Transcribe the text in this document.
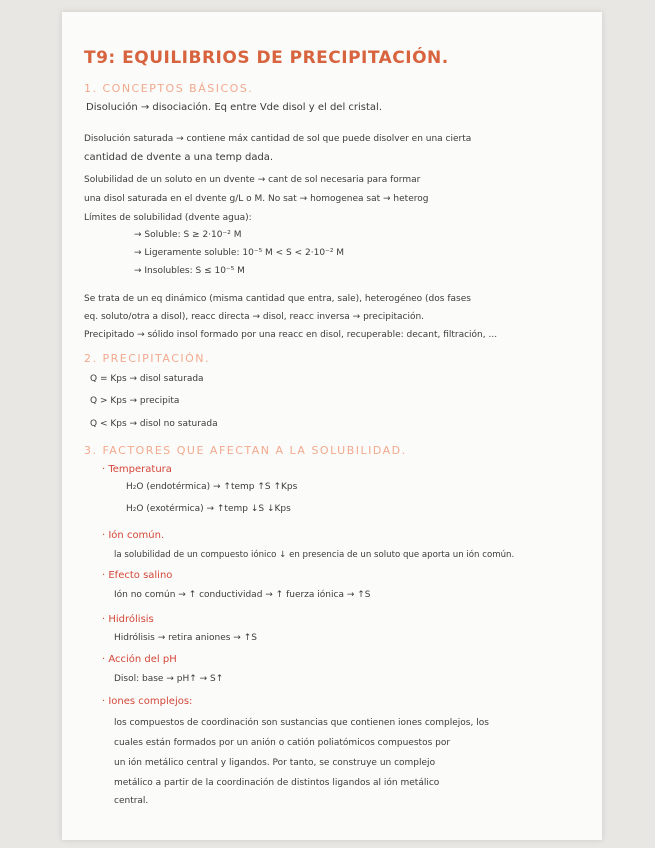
T9: EQUILIBRIOS DE PRECIPITACIÓN.
1. CONCEPTOS BÁSICOS.
Disolución → disociación. Eq entre Vde disol y el del cristal.
Disolución saturada → contiene máx cantidad de sol que puede disolver en una cierta
cantidad de dvente a una temp dada.
Solubilidad de un soluto en un dvente → cant de sol necesaria para formar
una disol saturada en el dvente g/L o M. No sat → homogenea sat → heterog
Límites de solubilidad (dvente agua):
→ Soluble: S ≥ 2·10⁻² M
→ Ligeramente soluble: 10⁻⁵ M < S < 2·10⁻² M
→ Insolubles: S ≤ 10⁻⁵ M
Se trata de un eq dinámico (misma cantidad que entra, sale), heterogéneo (dos fases
eq. soluto/otra a disol), reacc directa → disol, reacc inversa → precipitación.
Precipitado → sólido insol formado por una reacc en disol, recuperable: decant, filtración, ...
2. PRECIPITACIÓN.
Q = Kps → disol saturada
Q > Kps → precipita
Q < Kps → disol no saturada
3. FACTORES QUE AFECTAN A LA SOLUBILIDAD.
· Temperatura
H₂O (endotérmica) → ↑temp ↑S ↑Kps
H₂O (exotérmica) → ↑temp ↓S ↓Kps
· Ión común.
la solubilidad de un compuesto iónico ↓ en presencia de un soluto que aporta un ión común.
· Efecto salino
Ión no común → ↑ conductividad → ↑ fuerza iónica → ↑S
· Hidrólisis
Hidrólisis → retira aniones → ↑S
· Acción del pH
Disol: base → pH↑ → S↑
· Iones complejos:
los compuestos de coordinación son sustancias que contienen iones complejos, los
cuales están formados por un anión o catión poliatómicos compuestos por
un ión metálico central y ligandos. Por tanto, se construye un complejo
metálico a partir de la coordinación de distintos ligandos al ión metálico
central.
